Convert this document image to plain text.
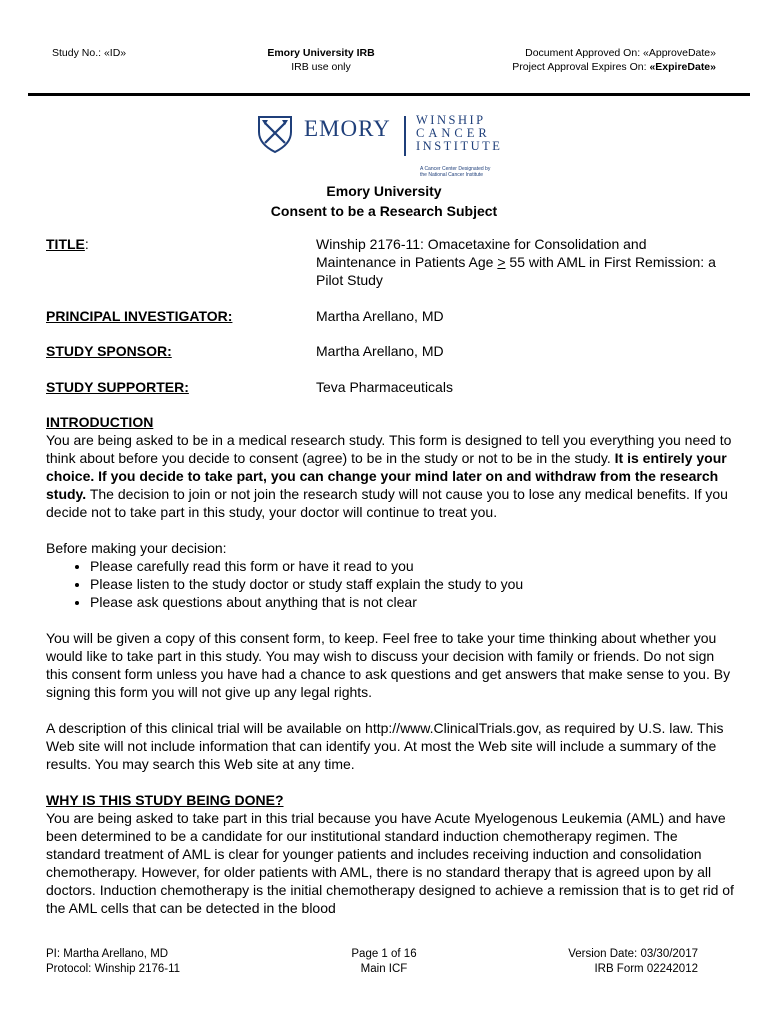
Study No.: «ID»	Emory University IRB
IRB use only
Document Approved On: «ApproveDate»
Project Approval Expires On: «ExpireDate»
EMORY WINSHIP
CANCER
INSTITUTE
A Cancer Center Designated by
the National Cancer Institute
Emory University
Consent to be a Research Subject
TITLE:	Winship 2176-11: Omacetaxine for Consolidation and Maintenance in Patients Age > 55 with AML in First Remission: a Pilot Study
PRINCIPAL INVESTIGATOR:	Martha Arellano, MD
STUDY SPONSOR:	Martha Arellano, MD
STUDY SUPPORTER:	Teva Pharmaceuticals

INTRODUCTION

You are being asked to be in a medical research study. This form is designed to tell you everything you need to think about before you decide to consent (agree) to be in the study or not to be in the study. It is entirely your choice. If you decide to take part, you can change your mind later on and withdraw from the research study. The decision to join or not join the research study will not cause you to lose any medical benefits. If you decide not to take part in this study, your doctor will continue to treat you.

Before making your decision:

• Please carefully read this form or have it read to you
• Please listen to the study doctor or study staff explain the study to you
• Please ask questions about anything that is not clear

You will be given a copy of this consent form, to keep. Feel free to take your time thinking about whether you would like to take part in this study. You may wish to discuss your decision with family or friends. Do not sign this consent form unless you have had a chance to ask questions and get answers that make sense to you. By signing this form you will not give up any legal rights.

A description of this clinical trial will be available on http://www.ClinicalTrials.gov, as required by U.S. law. This Web site will not include information that can identify you. At most the Web site will include a summary of the results. You may search this Web site at any time.

WHY IS THIS STUDY BEING DONE?

You are being asked to take part in this trial because you have Acute Myelogenous Leukemia (AML) and have been determined to be a candidate for our institutional standard induction chemotherapy regimen. The standard treatment of AML is clear for younger patients and includes receiving induction and consolidation chemotherapy. However, for older patients with AML, there is no standard therapy that is agreed upon by all doctors. Induction chemotherapy is the initial chemotherapy designed to achieve a remission that is to get rid of the AML cells that can be detected in the blood

PI: Martha Arellano, MD
Protocol: Winship 2176-11
Page 1 of 16
Main ICF
Version Date: 03/30/2017
IRB Form 02242012
